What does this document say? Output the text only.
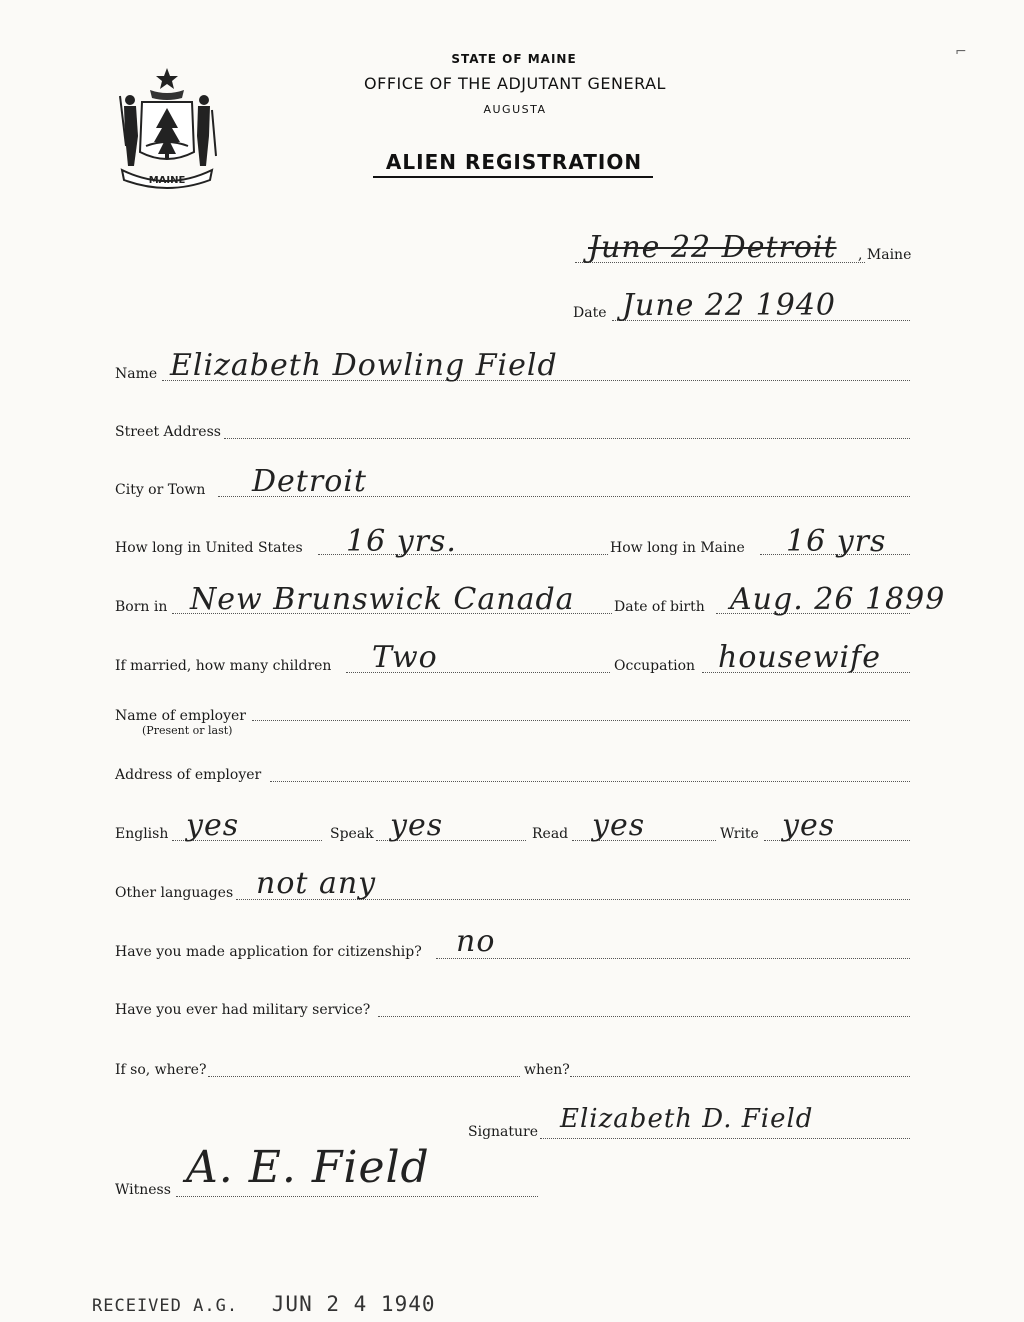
⌐
MAINE
STATE OF MAINE
OFFICE OF THE ADJUTANT GENERAL
AUGUSTA
ALIEN REGISTRATION
June 22 Detroit , Maine
Date June 22 1940
Name Elizabeth Dowling Field
Street Address
City or Town Detroit
How long in United States 16 yrs.	How long in Maine 16 yrs
Born in New Brunswick Canada	Date of birth Aug. 26 1899
If married, how many children Two	Occupation housewife
Name of employer
(Present or last)
Address of employer
English yes	Speak yes	Read yes	Write yes
Other languages not any
Have you made application for citizenship? no
Have you ever had military service?
If so, where?	when?
Signature Elizabeth D. Field
Witness A. E. Field
RECEIVED A.G. JUN 2 4 1940
